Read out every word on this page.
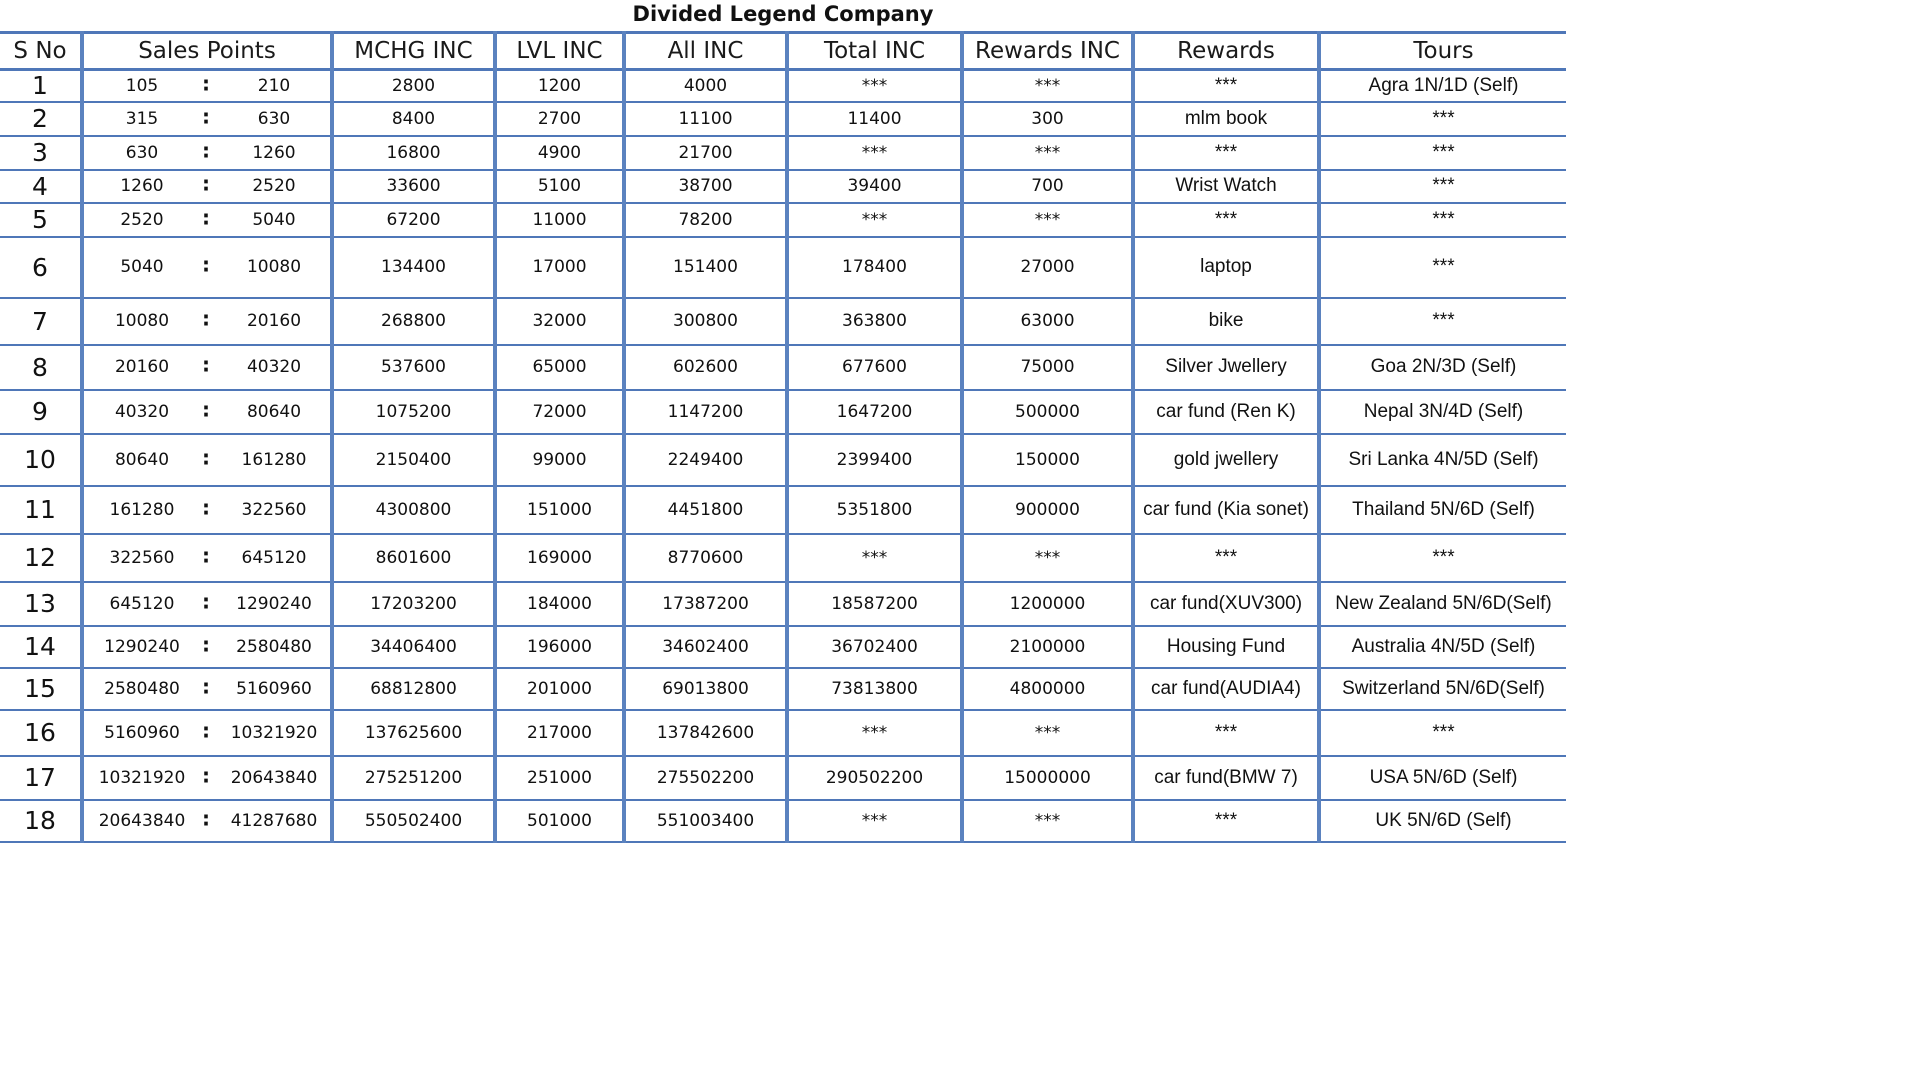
Divided Legend Company
S No	Sales Points	MCHG INC	LVL INC	All INC	Total INC	Rewards INC	Rewards	Tours
1	105 : 210	2800	1200	4000	***	***	***	Agra 1N/1D (Self)
2	315 : 630	8400	2700	11100	11400	300	mlm book	***
3	630 : 1260	16800	4900	21700	***	***	***	***
4	1260 : 2520	33600	5100	38700	39400	700	Wrist Watch	***
5	2520 : 5040	67200	11000	78200	***	***	***	***
6	5040 : 10080	134400	17000	151400	178400	27000	laptop	***
7	10080 : 20160	268800	32000	300800	363800	63000	bike	***
8	20160 : 40320	537600	65000	602600	677600	75000	Silver Jwellery	Goa 2N/3D (Self)
9	40320 : 80640	1075200	72000	1147200	1647200	500000	car fund (Ren K)	Nepal 3N/4D (Self)
10	80640 : 161280	2150400	99000	2249400	2399400	150000	gold jwellery	Sri Lanka 4N/5D (Self)
11	161280 : 322560	4300800	151000	4451800	5351800	900000	car fund (Kia sonet)	Thailand 5N/6D (Self)
12	322560 : 645120	8601600	169000	8770600	***	***	***	***
13	645120 : 1290240	17203200	184000	17387200	18587200	1200000	car fund(XUV300)	New Zealand 5N/6D(Self)
14	1290240 : 2580480	34406400	196000	34602400	36702400	2100000	Housing Fund	Australia 4N/5D (Self)
15	2580480 : 5160960	68812800	201000	69013800	73813800	4800000	car fund(AUDIA4)	Switzerland 5N/6D(Self)
16	5160960 : 10321920	137625600	217000	137842600	***	***	***	***
17	10321920 : 20643840	275251200	251000	275502200	290502200	15000000	car fund(BMW 7)	USA 5N/6D (Self)
18	20643840 : 41287680	550502400	501000	551003400	***	***	***	UK 5N/6D (Self)
